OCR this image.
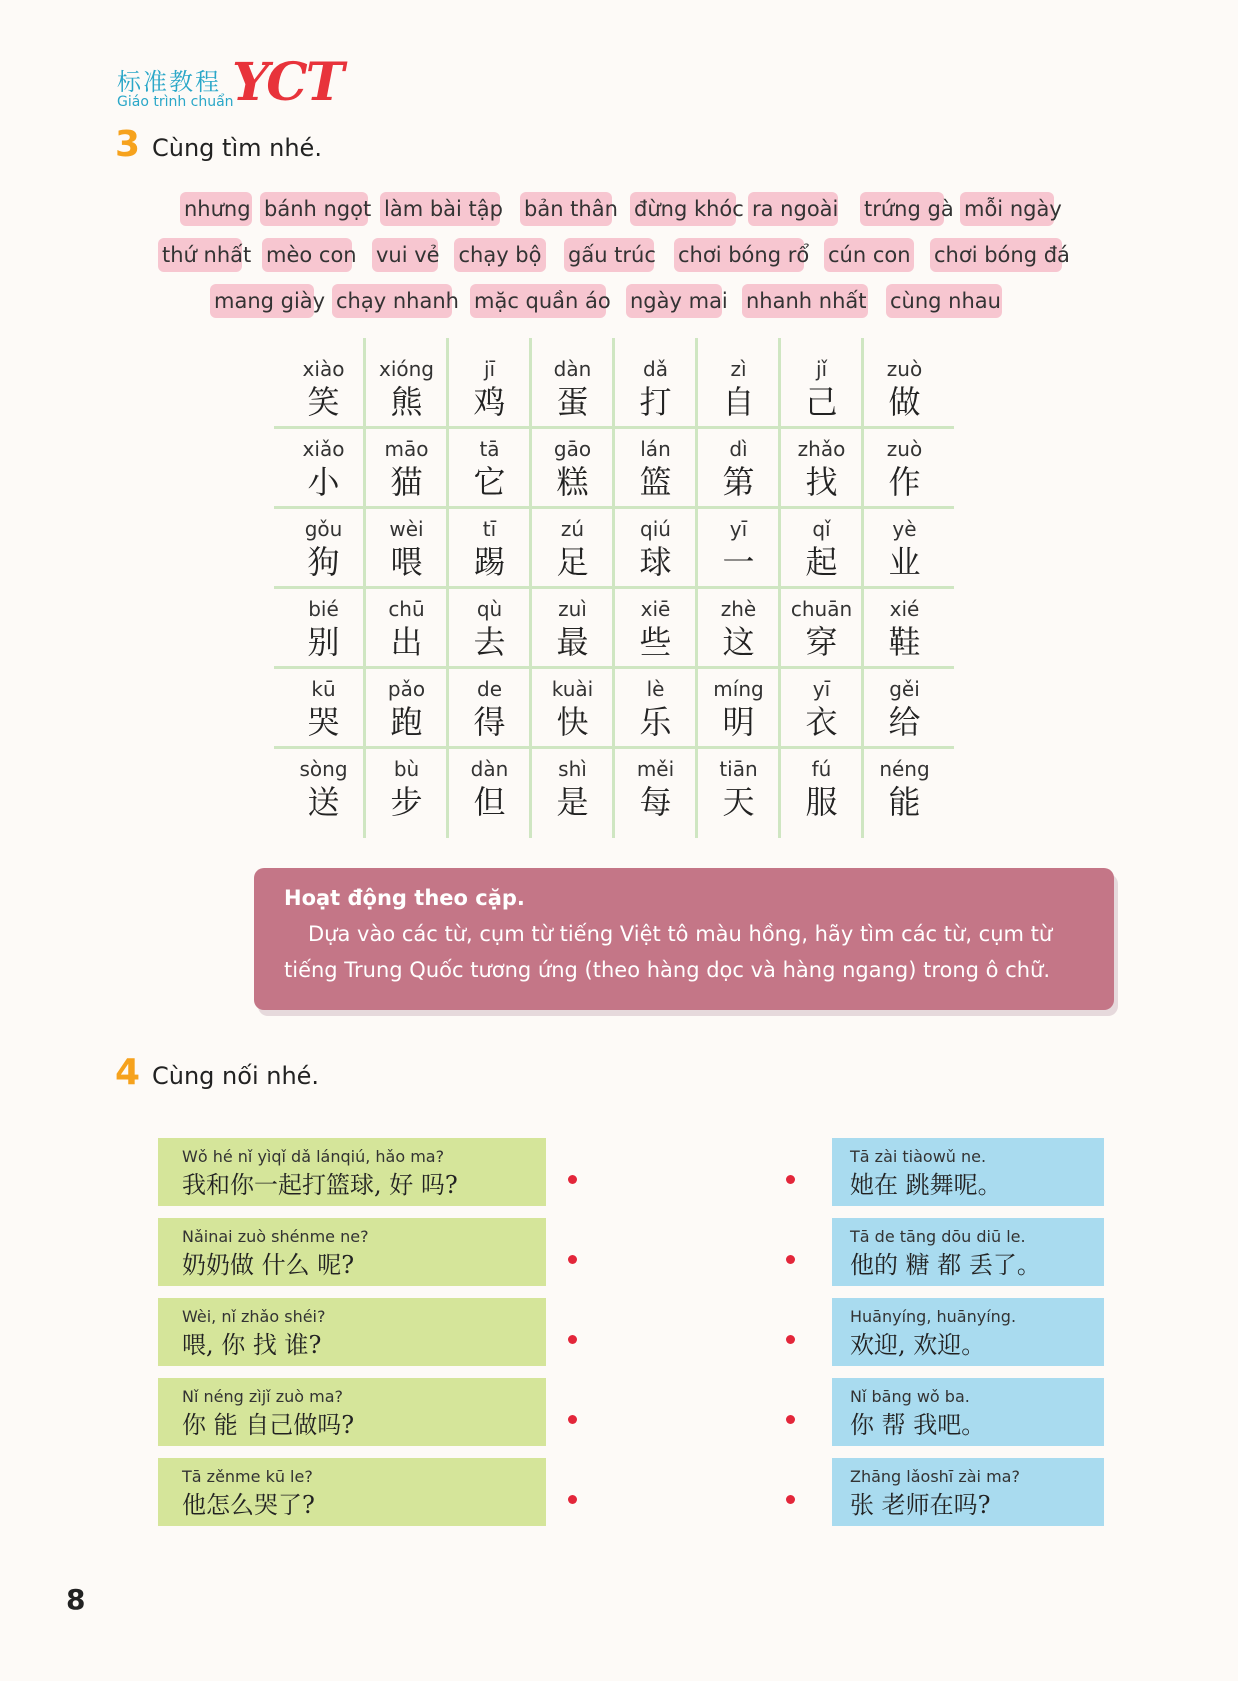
标准教程
Giáo trình chuẩn
YCT
3 Cùng tìm nhé.
nhưng bánh ngọt làm bài tập bản thân đừng khóc ra ngoài trứng gà mỗi ngày
thứ nhất mèo con vui vẻ chạy bộ gấu trúc chơi bóng rổ cún con chơi bóng đá
mang giày chạy nhanh mặc quần áo ngày mai nhanh nhất cùng nhau
xiào
笑
xióng
熊
jī
鸡
dàn
蛋
dǎ
打
zì
自
jǐ
己
zuò
做
xiǎo
小
māo
猫
tā
它
gāo
糕
lán
篮
dì
第
zhǎo
找
zuò
作
gǒu
狗
wèi
喂
tī
踢
zú
足
qiú
球
yī
一
qǐ
起
yè
业
bié
别
chū
出
qù
去
zuì
最
xiē
些
zhè
这
chuān
穿
xié
鞋
kū
哭
pǎo
跑
de
得
kuài
快
lè
乐
míng
明
yī
衣
gěi
给
sòng
送
bù
步
dàn
但
shì
是
měi
每
tiān
天
fú
服
néng
能
Hoạt động theo cặp.
Dựa vào các từ, cụm từ tiếng Việt tô màu hồng, hãy tìm các từ, cụm từ tiếng Trung Quốc tương ứng (theo hàng dọc và hàng ngang) trong ô chữ.
4 Cùng nối nhé.
Wǒ hé nǐ yìqǐ dǎ lánqiú, hǎo ma?
我和你一起打篮球, 好 吗?
Nǎinai zuò shénme ne?
奶奶做 什么 呢?
Wèi, nǐ zhǎo shéi?
喂, 你 找 谁?
Nǐ néng zìjǐ zuò ma?
你 能 自己做吗?
Tā zěnme kū le?
他怎么哭了?
Tā zài tiàowǔ ne.
她在 跳舞呢。
Tā de tāng dōu diū le.
他的 糖 都 丢了。
Huānyíng, huānyíng.
欢迎, 欢迎。
Nǐ bāng wǒ ba.
你 帮 我吧。
Zhāng lǎoshī zài ma?
张 老师在吗?
8
